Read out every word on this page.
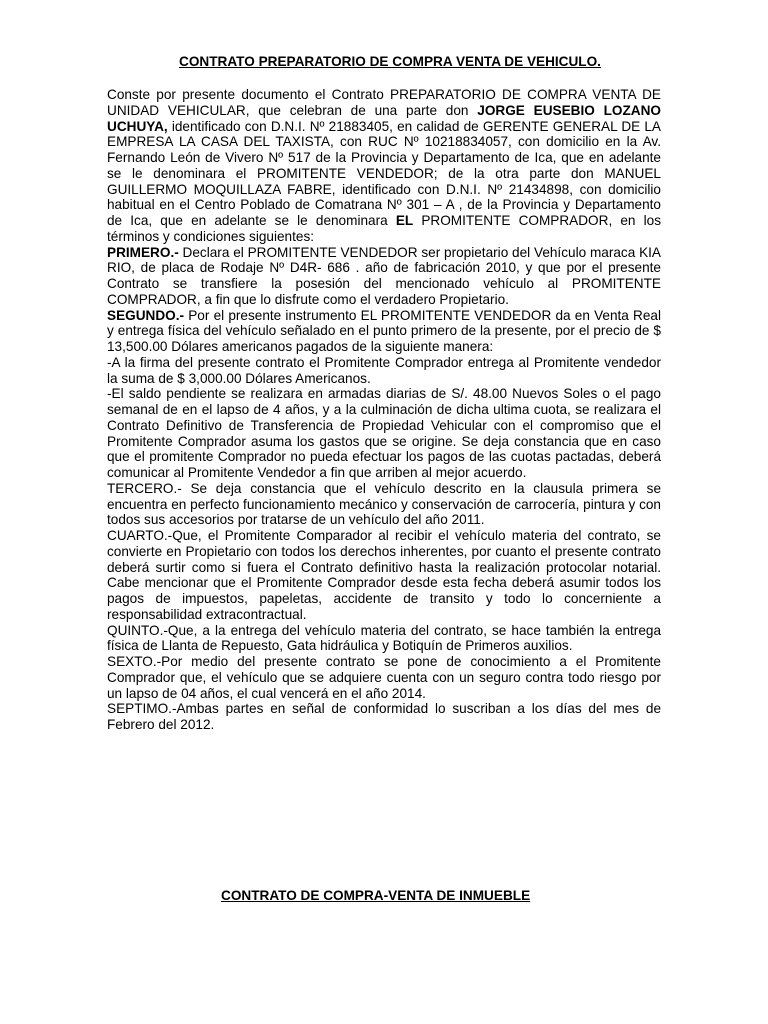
CONTRATO PREPARATORIO DE COMPRA VENTA DE VEHICULO.

Conste por presente documento el Contrato PREPARATORIO DE COMPRA VENTA DE UNIDAD VEHICULAR, que celebran de una parte don JORGE EUSEBIO LOZANO UCHUYA, identificado con D.N.I. Nº 21883405, en calidad de GERENTE GENERAL DE LA EMPRESA LA CASA DEL TAXISTA, con RUC Nº 10218834057, con domicilio en la Av. Fernando León de Vivero Nº 517 de la Provincia y Departamento de Ica, que en adelante se le denominara el PROMITENTE VENDEDOR; de la otra parte don MANUEL GUILLERMO MOQUILLAZA FABRE, identificado con D.N.I. Nº 21434898, con domicilio habitual en el Centro Poblado de Comatrana Nº 301 – A , de la Provincia y Departamento de Ica, que en adelante se le denominara EL PROMITENTE COMPRADOR, en los términos y condiciones siguientes:

PRIMERO.- Declara el PROMITENTE VENDEDOR ser propietario del Vehículo maraca KIA RIO, de placa de Rodaje Nº D4R- 686 . año de fabricación 2010, y que por el presente Contrato se transfiere la posesión del mencionado vehículo al PROMITENTE COMPRADOR, a fin que lo disfrute como el verdadero Propietario.

SEGUNDO.- Por el presente instrumento EL PROMITENTE VENDEDOR da en Venta Real y entrega física del vehículo señalado en el punto primero de la presente, por el precio de $ 13,500.00 Dólares americanos pagados de la siguiente manera:

-A la firma del presente contrato el Promitente Comprador entrega al Promitente vendedor la suma de $ 3,000.00 Dólares Americanos.

-El saldo pendiente se realizara en armadas diarias de S/. 48.00 Nuevos Soles o el pago semanal de en el lapso de 4 años, y a la culminación de dicha ultima cuota, se realizara el Contrato Definitivo de Transferencia de Propiedad Vehicular con el compromiso que el Promitente Comprador asuma los gastos que se origine. Se deja constancia que en caso que el promitente Comprador no pueda efectuar los pagos de las cuotas pactadas, deberá comunicar al Promitente Vendedor a fin que arriben al mejor acuerdo.

TERCERO.- Se deja constancia que el vehículo descrito en la clausula primera se encuentra en perfecto funcionamiento mecánico y conservación de carrocería, pintura y con todos sus accesorios por tratarse de un vehículo del año 2011.

CUARTO.-Que, el Promitente Comparador al recibir el vehículo materia del contrato, se convierte en Propietario con todos los derechos inherentes, por cuanto el presente contrato deberá surtir como si fuera el Contrato definitivo hasta la realización protocolar notarial. Cabe mencionar que el Promitente Comprador desde esta fecha deberá asumir todos los pagos de impuestos, papeletas, accidente de transito y todo lo concerniente a responsabilidad extracontractual.

QUINTO.-Que, a la entrega del vehículo materia del contrato, se hace también la entrega física de Llanta de Repuesto, Gata hidráulica y Botiquín de Primeros auxilios.

SEXTO.-Por medio del presente contrato se pone de conocimiento a el Promitente Comprador que, el vehículo que se adquiere cuenta con un seguro contra todo riesgo por un lapso de 04 años, el cual vencerá en el año 2014.

SEPTIMO.-Ambas partes en señal de conformidad lo suscriban a los días del mes de Febrero del 2012.

CONTRATO DE COMPRA-VENTA DE INMUEBLE
